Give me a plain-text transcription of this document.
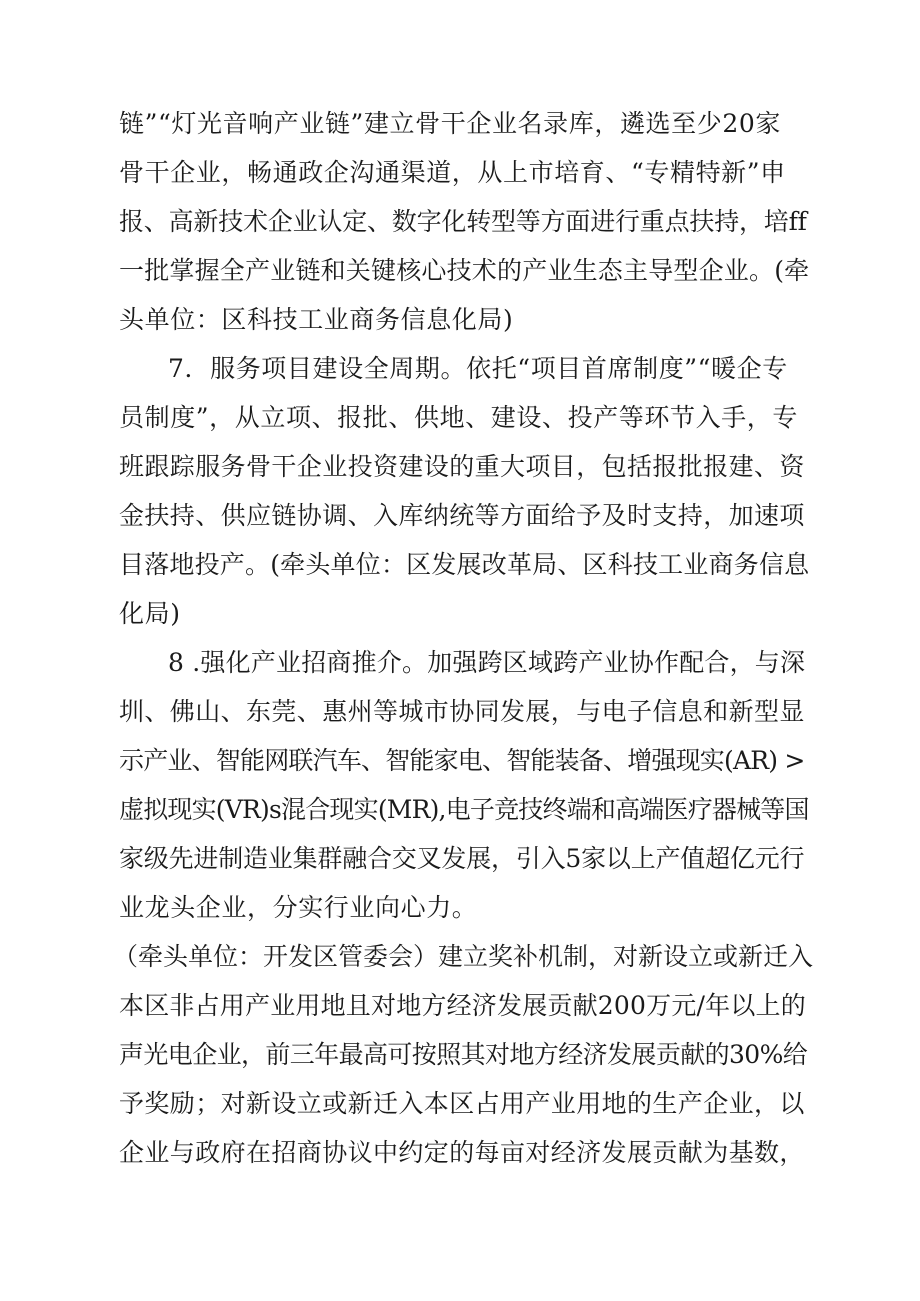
链”“灯光音响产业链”建立骨干企业名录库，遴选至少20家
骨干企业，畅通政企沟通渠道，从上市培育、“专精特新”申
报、高新技术企业认定、数字化转型等方面进行重点扶持，培ff
一批掌握全产业链和关键核心技术的产业生态主导型企业。(牵
头单位：区科技工业商务信息化局)
7．服务项目建设全周期。依托“项目首席制度”“暖企专
员制度”，从立项、报批、供地、建设、投产等环节入手，专
班跟踪服务骨干企业投资建设的重大项目，包括报批报建、资
金扶持、供应链协调、入库纳统等方面给予及时支持，加速项
目落地投产。(牵头单位：区发展改革局、区科技工业商务信息
化局)
8 .强化产业招商推介。加强跨区域跨产业协作配合，与深
圳、佛山、东莞、惠州等城市协同发展，与电子信息和新型显
示产业、智能网联汽车、智能家电、智能装备、增强现实(AR) >
虚拟现实(VR)s混合现实(MR),电子竞技终端和高端医疗器械等国
家级先进制造业集群融合交叉发展，引入5家以上产值超亿元行
业龙头企业，分实行业向心力。
（牵头单位：开发区管委会）建立奖补机制，对新设立或新迁入
本区非占用产业用地且对地方经济发展贡献200万元/年以上的
声光电企业，前三年最高可按照其对地方经济发展贡献的30%给
予奖励；对新设立或新迁入本区占用产业用地的生产企业，以
企业与政府在招商协议中约定的每亩对经济发展贡献为基数，
